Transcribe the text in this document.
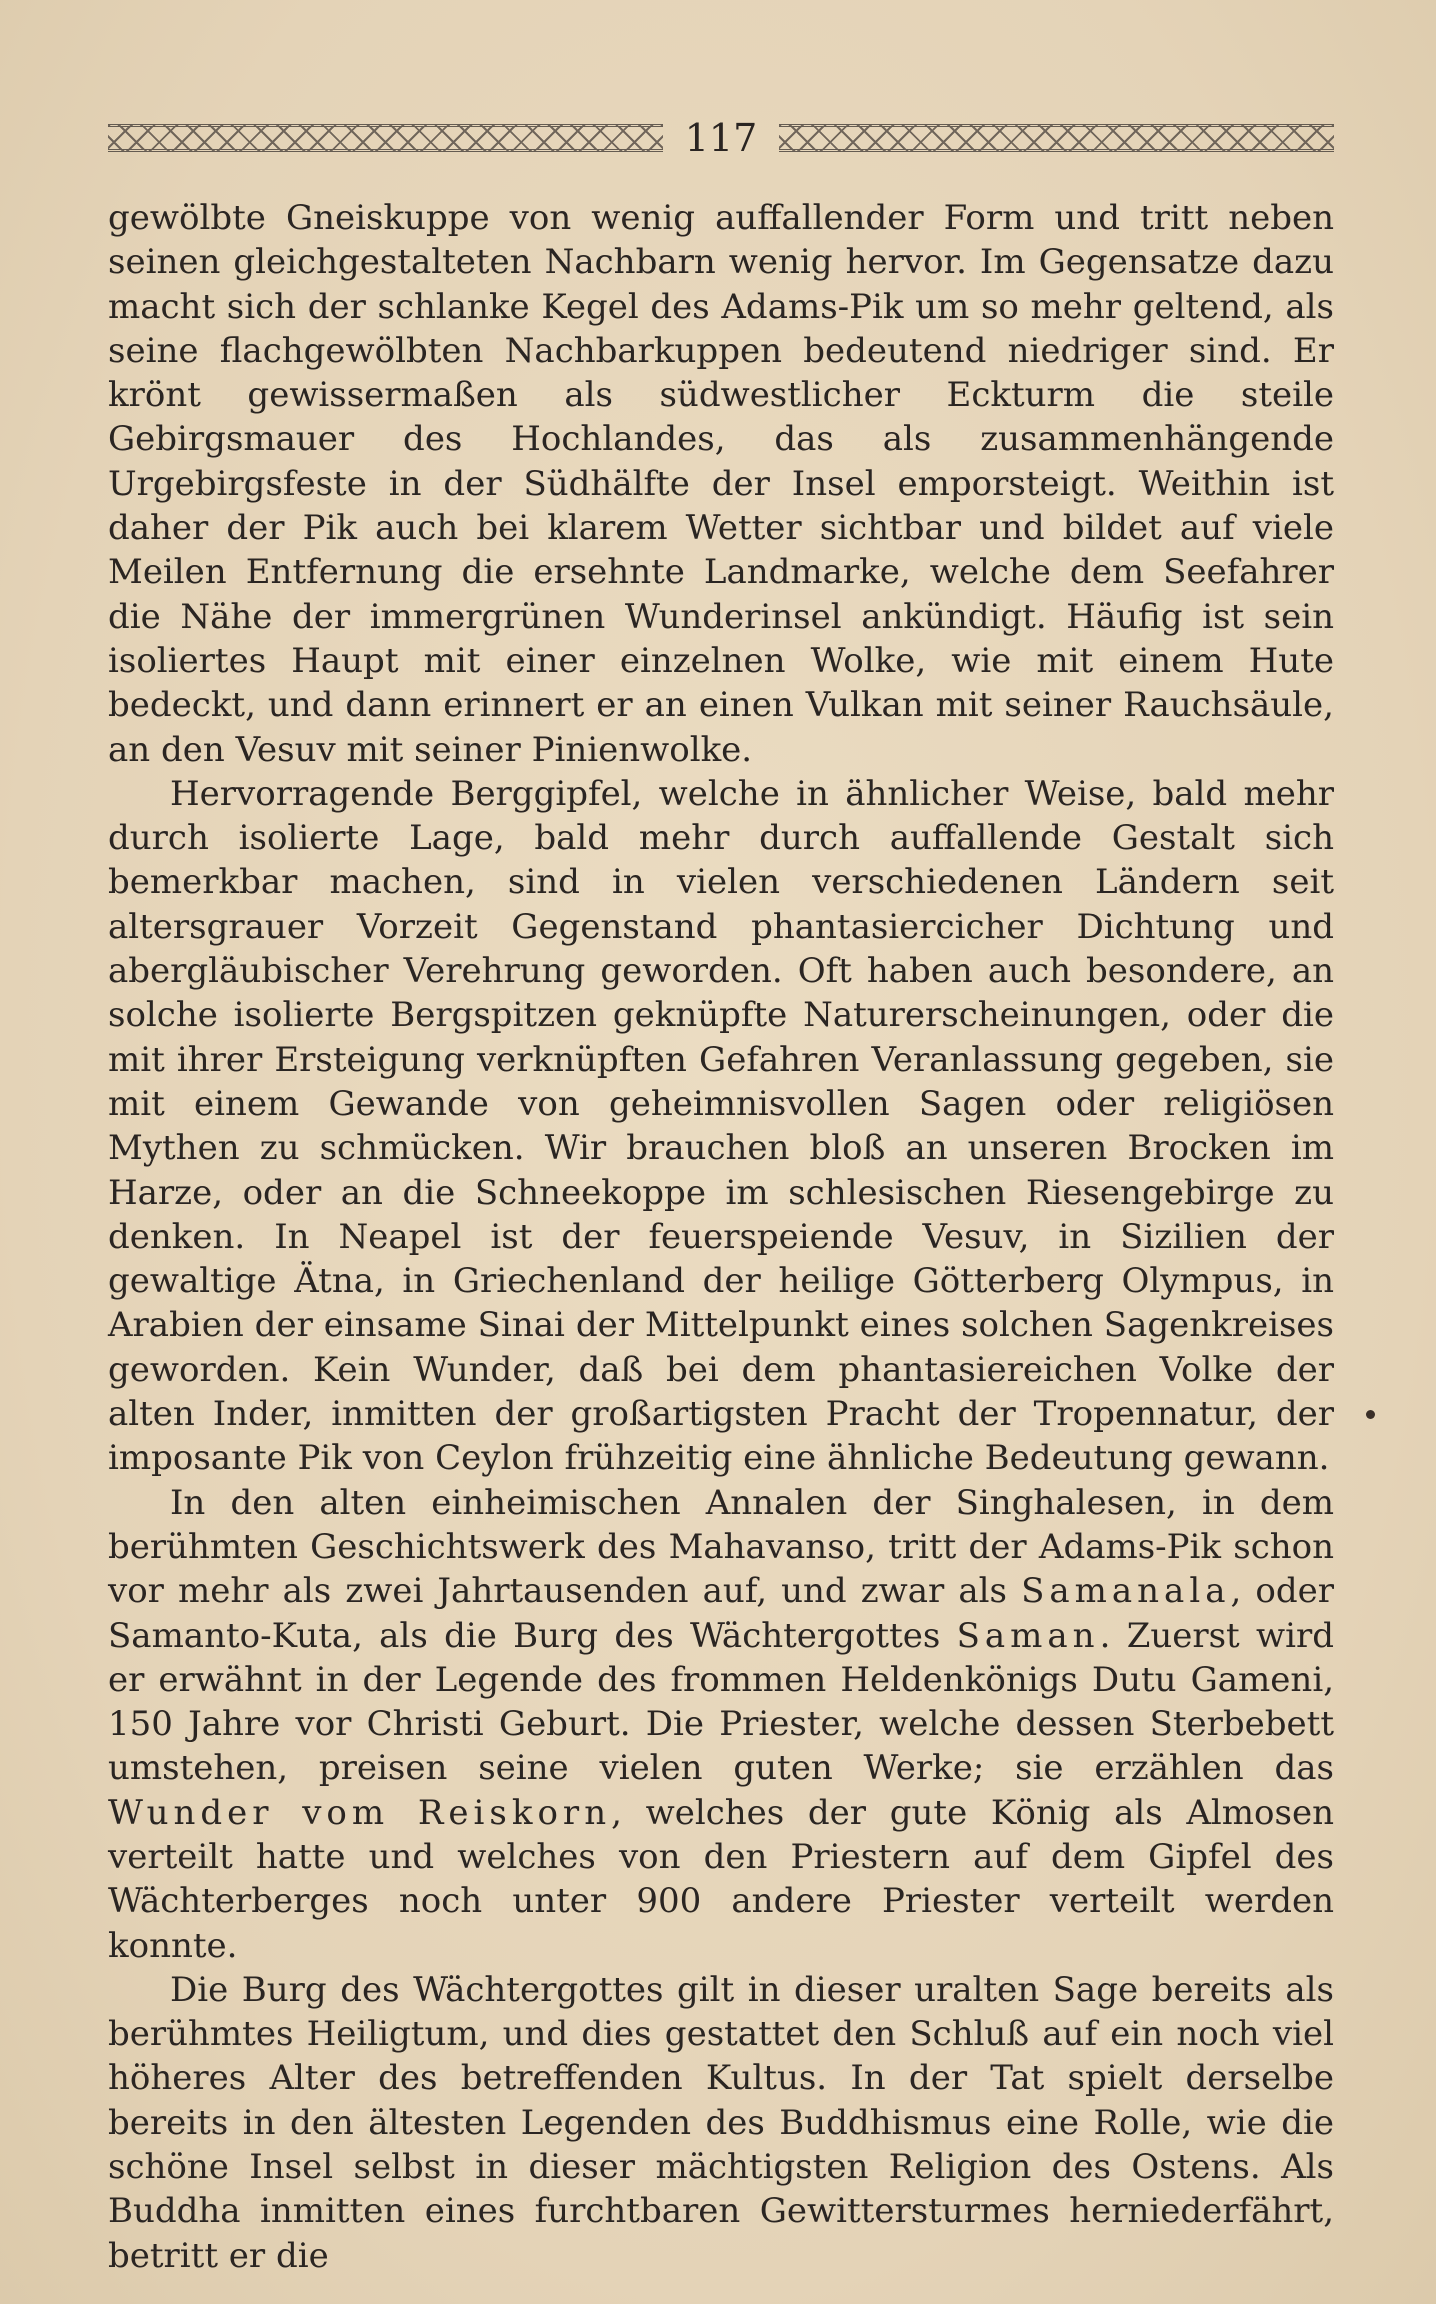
117

gewölbte Gneiskuppe von wenig auffallender Form und tritt neben seinen gleichgestalteten Nachbarn wenig hervor. Im Gegensatze dazu macht sich der schlanke Kegel des Adams-Pik um so mehr geltend, als seine flachgewölbten Nachbarkuppen bedeutend niedriger sind. Er krönt gewissermaßen als südwestlicher Eckturm die steile Gebirgsmauer des Hochlandes, das als zusammenhängende Urgebirgsfeste in der Südhälfte der Insel emporsteigt. Weithin ist daher der Pik auch bei klarem Wetter sichtbar und bildet auf viele Meilen Entfernung die ersehnte Landmarke, welche dem Seefahrer die Nähe der immergrünen Wunderinsel ankündigt. Häufig ist sein isoliertes Haupt mit einer einzelnen Wolke, wie mit einem Hute bedeckt, und dann erinnert er an einen Vulkan mit seiner Rauchsäule, an den Vesuv mit seiner Pinienwolke.

Hervorragende Berggipfel, welche in ähnlicher Weise, bald mehr durch isolierte Lage, bald mehr durch auffallende Gestalt sich bemerkbar machen, sind in vielen verschiedenen Ländern seit altersgrauer Vorzeit Gegenstand phantasiercicher Dichtung und abergläubischer Verehrung geworden. Oft haben auch besondere, an solche isolierte Bergspitzen geknüpfte Naturerscheinungen, oder die mit ihrer Ersteigung verknüpften Gefahren Veranlassung gegeben, sie mit einem Gewande von geheimnisvollen Sagen oder religiösen Mythen zu schmücken. Wir brauchen bloß an unseren Brocken im Harze, oder an die Schneekoppe im schlesischen Riesengebirge zu denken. In Neapel ist der feuerspeiende Vesuv, in Sizilien der gewaltige Ätna, in Griechenland der heilige Götterberg Olympus, in Arabien der einsame Sinai der Mittelpunkt eines solchen Sagenkreises geworden. Kein Wunder, daß bei dem phantasiereichen Volke der alten Inder, inmitten der großartigsten Pracht der Tropennatur, der imposante Pik von Ceylon frühzeitig eine ähnliche Bedeutung gewann.

In den alten einheimischen Annalen der Singhalesen, in dem berühmten Geschichtswerk des Mahavanso, tritt der Adams-Pik schon vor mehr als zwei Jahrtausenden auf, und zwar als Samanala, oder Samanto-Kuta, als die Burg des Wächtergottes Saman. Zuerst wird er erwähnt in der Legende des frommen Heldenkönigs Dutu Gameni, 150 Jahre vor Christi Geburt. Die Priester, welche dessen Sterbebett umstehen, preisen seine vielen guten Werke; sie erzählen das Wunder vom Reiskorn, welches der gute König als Almosen verteilt hatte und welches von den Priestern auf dem Gipfel des Wächterberges noch unter 900 andere Priester verteilt werden konnte.

Die Burg des Wächtergottes gilt in dieser uralten Sage bereits als berühmtes Heiligtum, und dies gestattet den Schluß auf ein noch viel höheres Alter des betreffenden Kultus. In der Tat spielt derselbe bereits in den ältesten Legenden des Buddhismus eine Rolle, wie die schöne Insel selbst in dieser mächtigsten Religion des Ostens. Als Buddha inmitten eines furchtbaren Gewittersturmes herniederfährt, betritt er die
